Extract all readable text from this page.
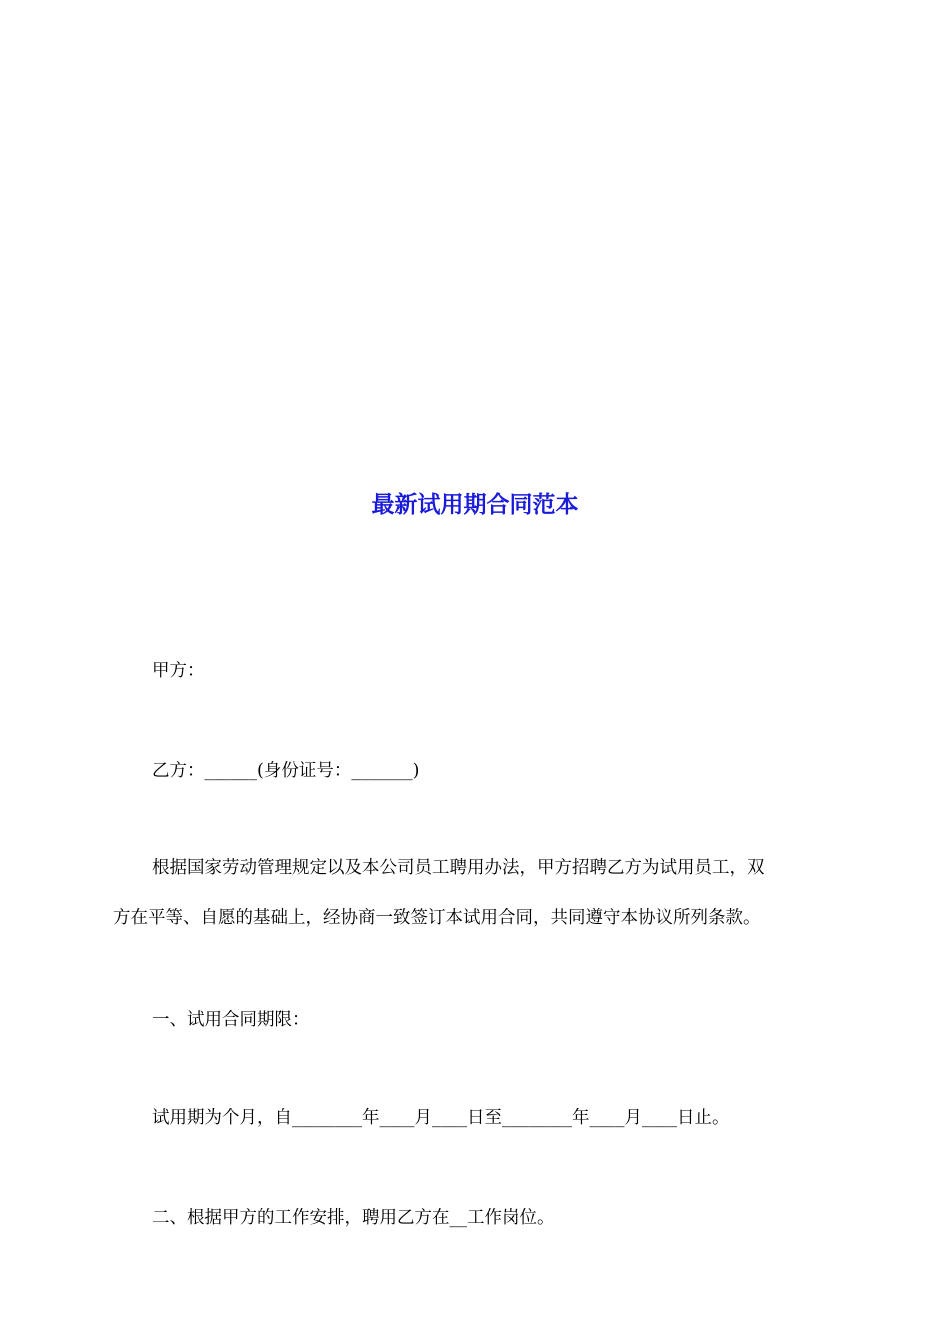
最新试用期合同范本
甲方：
乙方：______(身份证号：_______)
根据国家劳动管理规定以及本公司员工聘用办法，甲方招聘乙方为试用员工，双
方在平等、自愿的基础上，经协商一致签订本试用合同，共同遵守本协议所列条款。
一、试用合同期限：
试用期为个月，自________年____月____日至________年____月____日止。
二、根据甲方的工作安排，聘用乙方在__工作岗位。
